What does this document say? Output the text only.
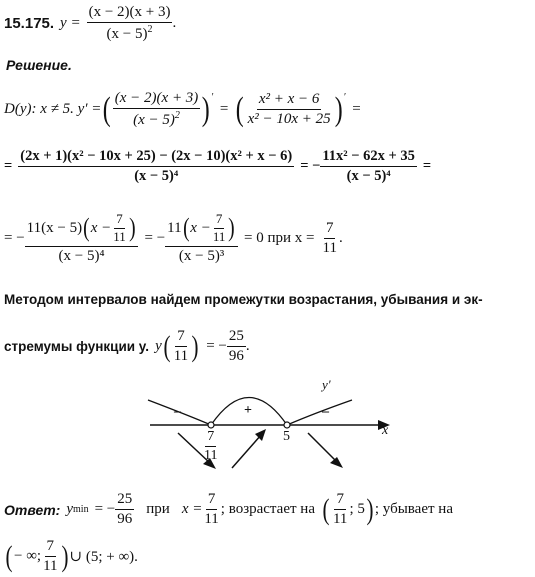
15.175. $y = \frac{(x - 2)(x + 3)}{(x - 5)^2}$ .
Решение.
D(y): x ≠ 5. y′ = ( $\frac{(x - 2)(x + 3)}{(x - 5)^2} )'$
= ( $\frac{\text{x² + x − 6}}{\text{x² − 10x + 25}} )'$
=
= $\frac{\text{(2x + 1)(x² − 10x + 25) − (2x − 10)(x² + x − 6)}}{\text{(x − 5)⁴}}$ = − $\frac{\text{11x² − 62x + 35}}{\text{(x − 5)⁴}}$ =
= − $\frac{11(x - 5) ( x - \frac{7}{11} )}{\text{(x − 5)⁴}}$ = − $\frac{11 ( x - \frac{7}{11} )}{\text{(x − 5)³}} = 0$ при $x = \frac{7}{11}$ .
Методом интервалов найдем промежутки возрастания, убывания и эк-
стремумы функции y. y ( $\frac{7}{11}$ ) = − $\frac{25}{96}$ .
y'
–	+	–
x
$\frac{7}{11}$	5
Ответ: y min = − $\frac{25}{96}$ при $x = \frac{7}{11}$ ; возрастает на ( $\frac{7}{11}$ ; 5 ) ; убывает на
( − ∞; $\frac{7}{11}$ ) ∪ (5; + ∞).
